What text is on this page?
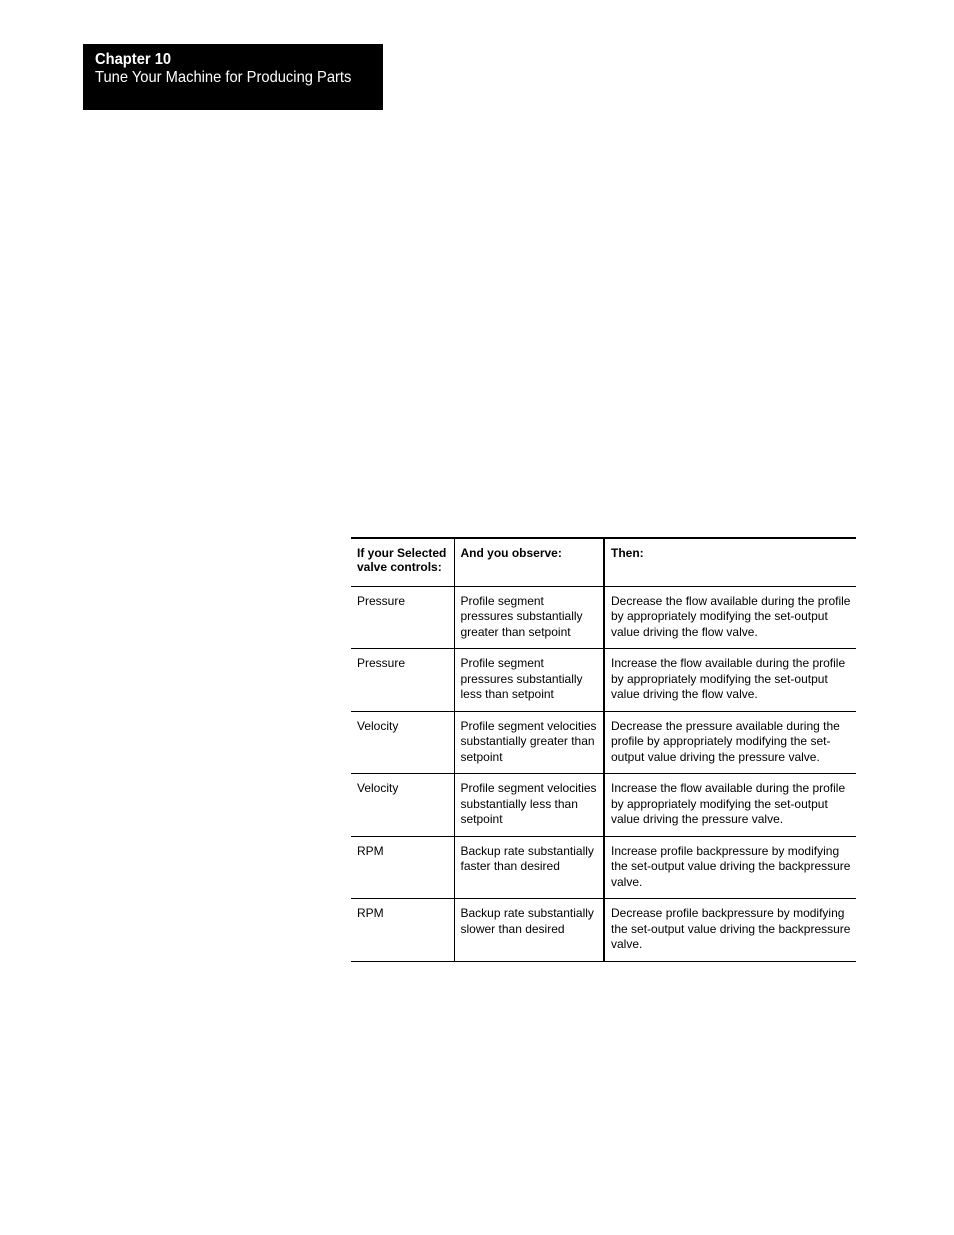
Chapter 10
Tune Your Machine for Producing Parts
If your Selected valve controls:	And you observe:	Then:
Pressure	Profile segment pressures substantially greater than setpoint	Decrease the flow available during the profile by appropriately modifying the set-output value driving the flow valve.
Pressure	Profile segment pressures substantially less than setpoint	Increase the flow available during the profile by appropriately modifying the set-output value driving the flow valve.
Velocity	Profile segment velocities substantially greater than setpoint	Decrease the pressure available during the profile by appropriately modifying the set-output value driving the pressure valve.
Velocity	Profile segment velocities substantially less than setpoint	Increase the flow available during the profile by appropriately modifying the set-output value driving the pressure valve.
RPM	Backup rate substantially faster than desired	Increase profile backpressure by modifying the set-output value driving the backpressure valve.
RPM	Backup rate substantially slower than desired	Decrease profile backpressure by modifying the set-output value driving the backpressure valve.
